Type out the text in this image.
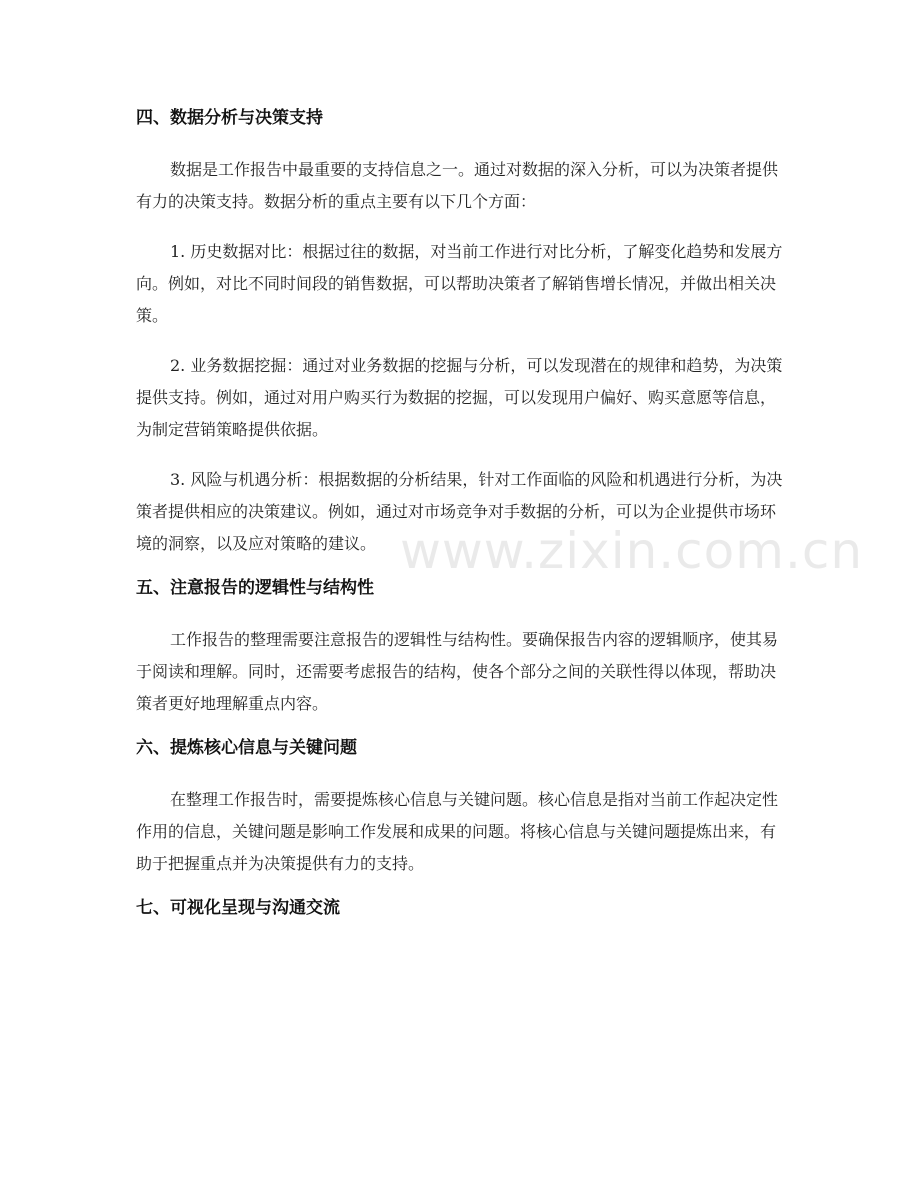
四、数据分析与决策支持

数据是工作报告中最重要的支持信息之一。通过对数据的深入分析，可以为决策者提供有力的决策支持。数据分析的重点主要有以下几个方面：

1. 历史数据对比：根据过往的数据，对当前工作进行对比分析，了解变化趋势和发展方向。例如，对比不同时间段的销售数据，可以帮助决策者了解销售增长情况，并做出相关决策。

2. 业务数据挖掘：通过对业务数据的挖掘与分析，可以发现潜在的规律和趋势，为决策提供支持。例如，通过对用户购买行为数据的挖掘，可以发现用户偏好、购买意愿等信息，为制定营销策略提供依据。

3. 风险与机遇分析：根据数据的分析结果，针对工作面临的风险和机遇进行分析，为决策者提供相应的决策建议。例如，通过对市场竞争对手数据的分析，可以为企业提供市场环境的洞察，以及应对策略的建议。

五、注意报告的逻辑性与结构性

工作报告的整理需要注意报告的逻辑性与结构性。要确保报告内容的逻辑顺序，使其易于阅读和理解。同时，还需要考虑报告的结构，使各个部分之间的关联性得以体现，帮助决策者更好地理解重点内容。

六、提炼核心信息与关键问题

在整理工作报告时，需要提炼核心信息与关键问题。核心信息是指对当前工作起决定性作用的信息，关键问题是影响工作发展和成果的问题。将核心信息与关键问题提炼出来，有助于把握重点并为决策提供有力的支持。

七、可视化呈现与沟通交流
www.zixin.com.cn
